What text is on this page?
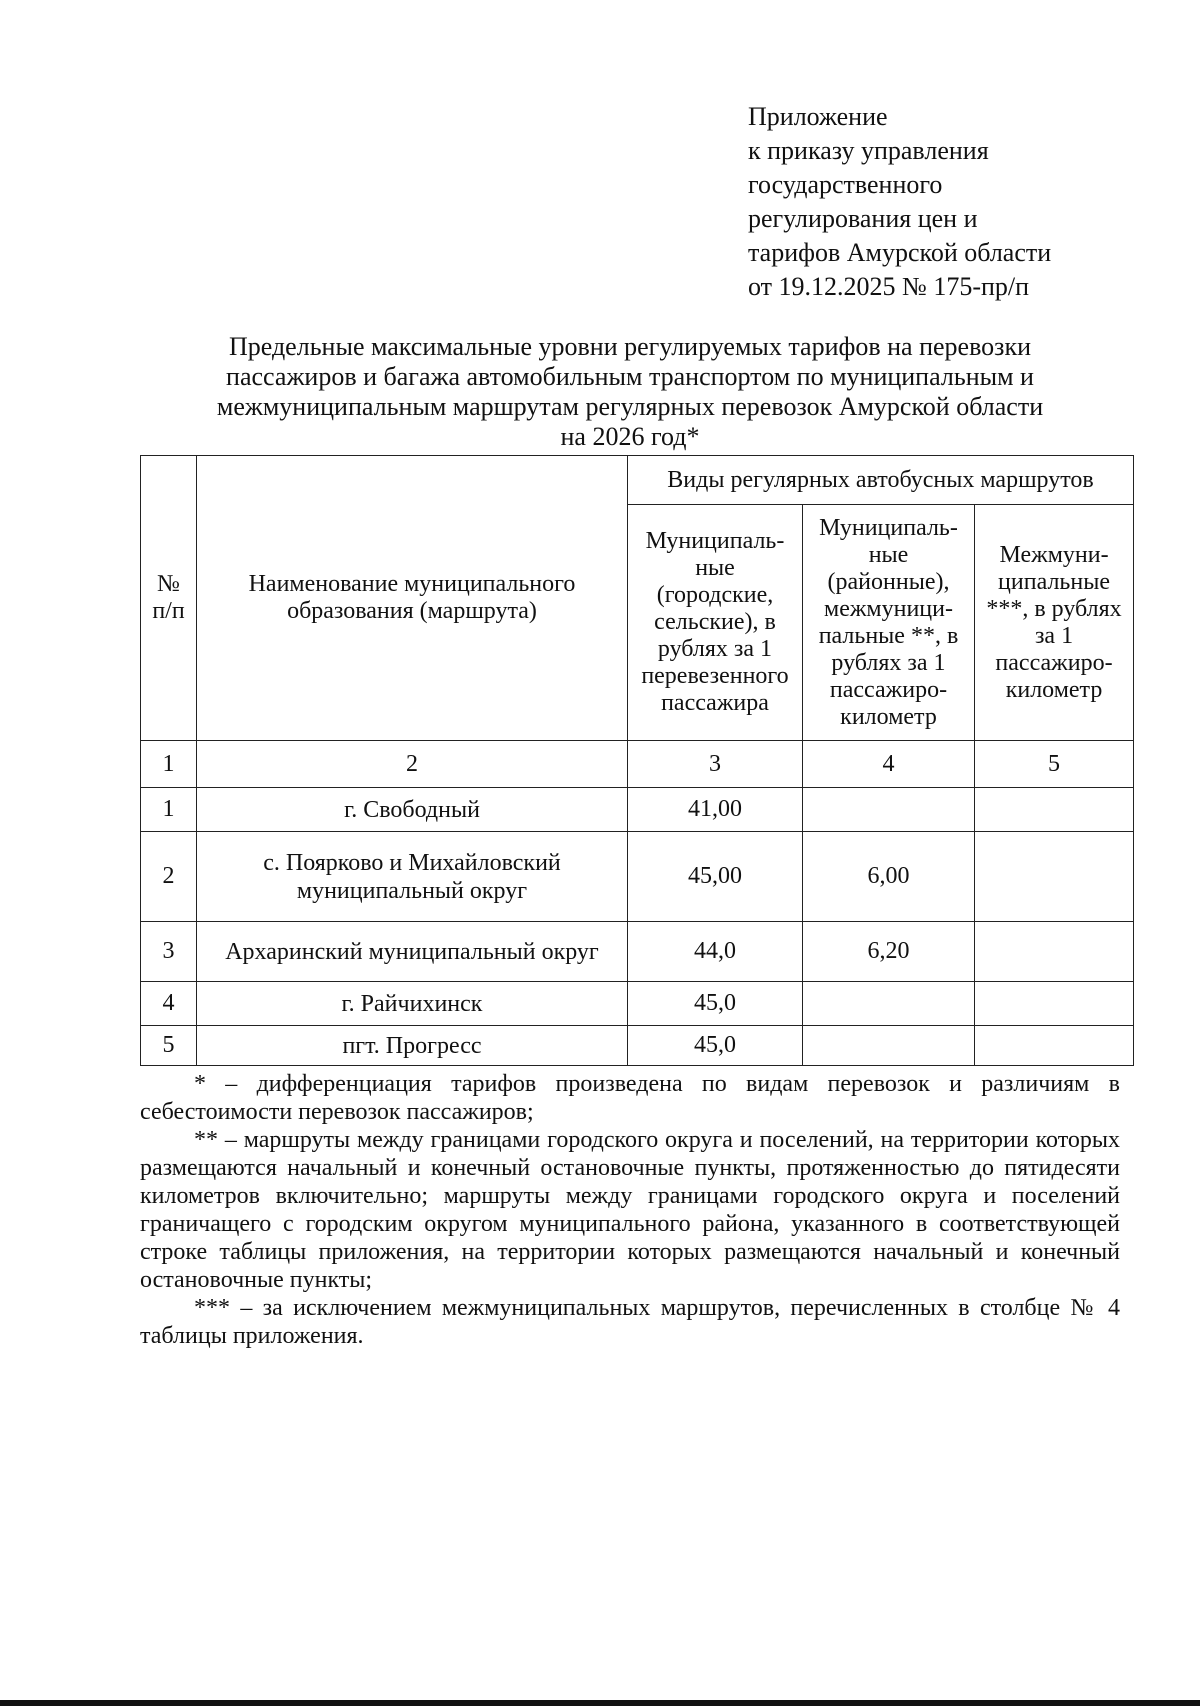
Приложение
к приказу управления
государственного
регулирования цен и
тарифов Амурской области
от 19.12.2025 № 175-пр/п
Предельные максимальные уровни регулируемых тарифов на перевозки
пассажиров и багажа автомобильным транспортом по муниципальным и
межмуниципальным маршрутам регулярных перевозок Амурской области
на 2026 год*
№ п/п	Наименование муниципального образования (маршрута)	Виды регулярных автобусных маршрутов		
		Муниципаль-ные (городские, сельские), в рублях за 1 перевезенного пассажира	Муниципаль-ные (районные), межмуници-пальные **, в рублях за 1 пассажиро-километр	Межмуни-ципальные ***, в рублях за 1 пассажиро-километр
1	2	3	4	5
1	г. Свободный	41,00		
2	с. Поярково и Михайловский муниципальный округ	45,00	6,00	
3	Архаринский муниципальный округ	44,0	6,20	
4	г. Райчихинск	45,0		
5	пгт. Прогресс	45,0		

* – дифференциация тарифов произведена по видам перевозок и различиям в себестоимости перевозок пассажиров;

** – маршруты между границами городского округа и поселений, на территории которых размещаются начальный и конечный остановочные пункты, протяженностью до пятидесяти километров включительно; маршруты между границами городского округа и поселений граничащего с городским округом муниципального района, указанного в соответствующей строке таблицы приложения, на территории которых размещаются начальный и конечный остановочные пункты;

*** – за исключением межмуниципальных маршрутов, перечисленных в столбце № 4 таблицы приложения.
